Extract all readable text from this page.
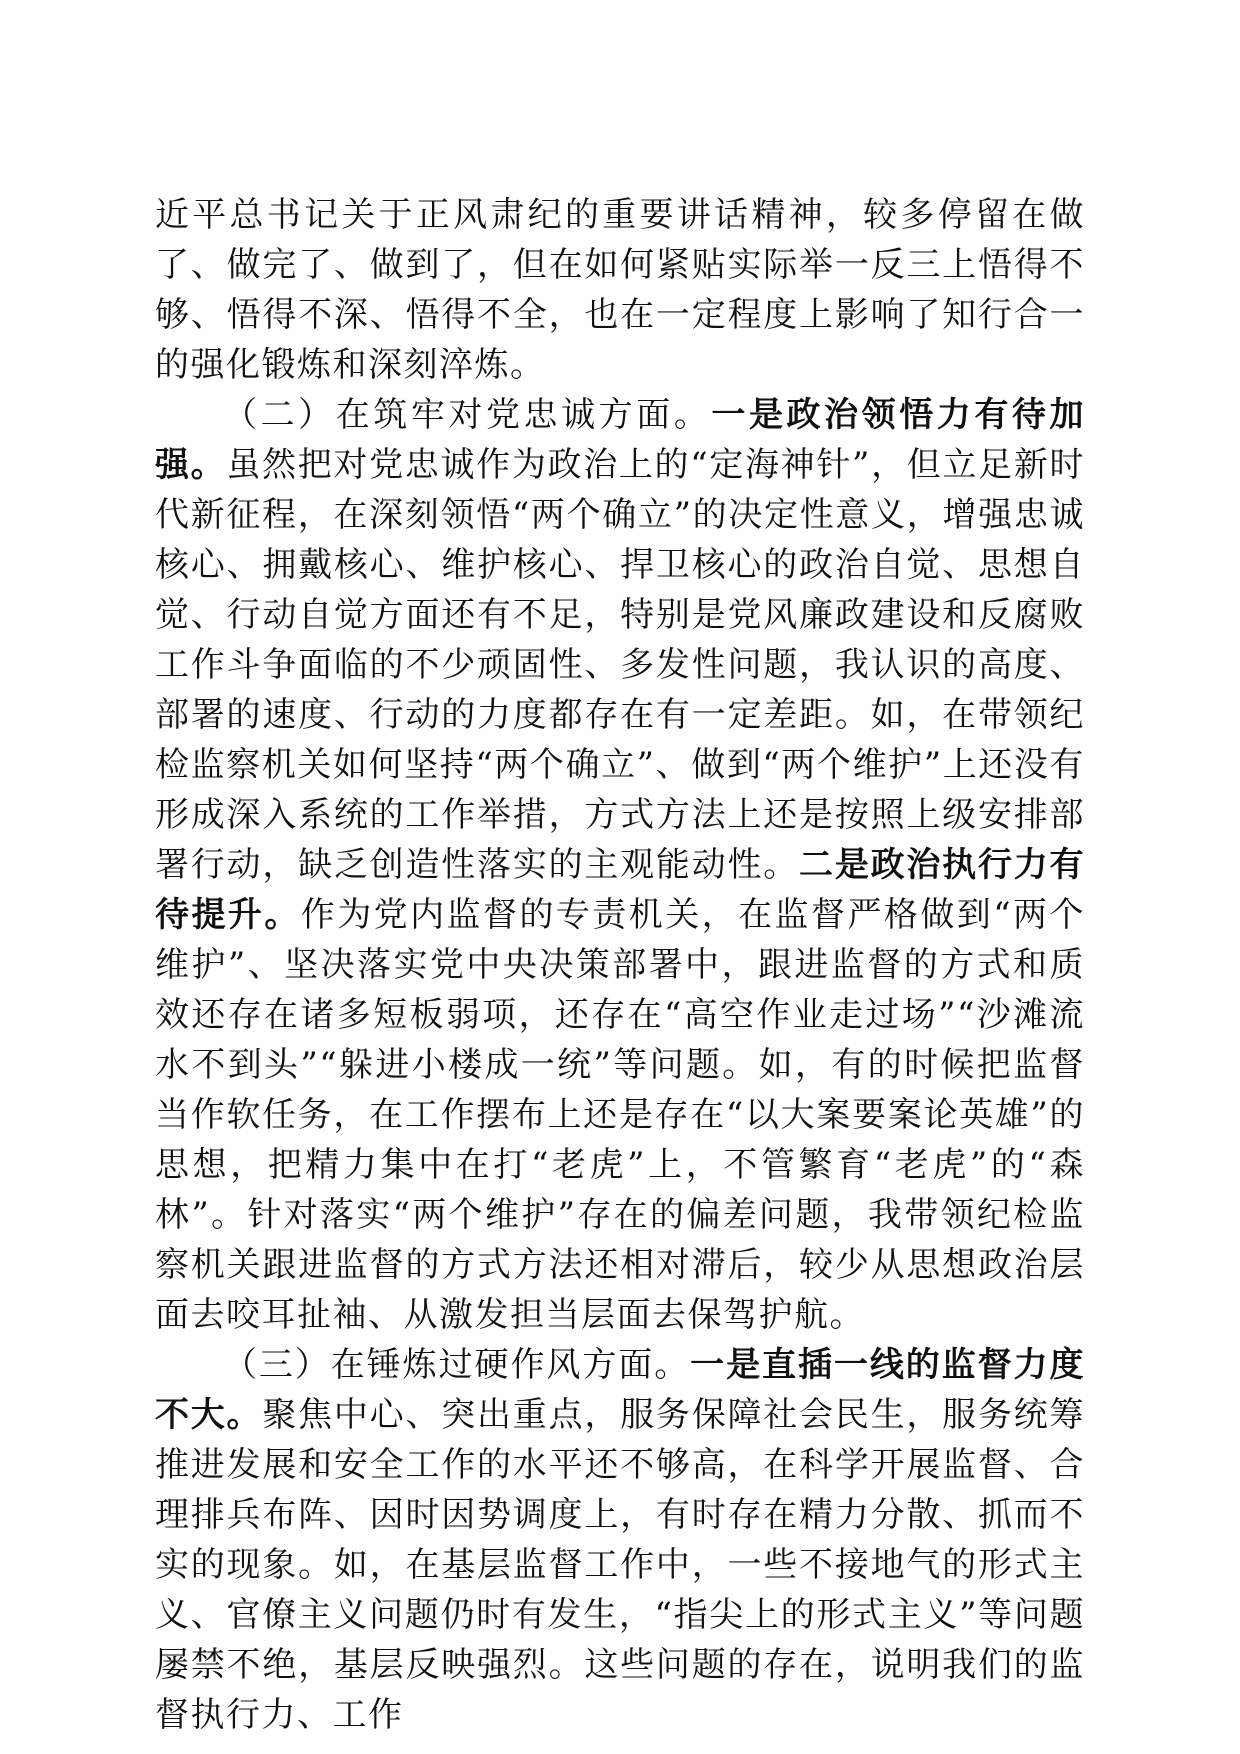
近平总书记关于正风肃纪的重要讲话精神，较多停留在做了、做完了、做到了，但在如何紧贴实际举一反三上悟得不够、悟得不深、悟得不全，也在一定程度上影响了知行合一的强化锻炼和深刻淬炼。

（二）在筑牢对党忠诚方面。一是政治领悟力有待加强。虽然把对党忠诚作为政治上的“定海神针”，但立足新时代新征程，在深刻领悟“两个确立”的决定性意义，增强忠诚核心、拥戴核心、维护核心、捍卫核心的政治自觉、思想自觉、行动自觉方面还有不足，特别是党风廉政建设和反腐败工作斗争面临的不少顽固性、多发性问题，我认识的高度、部署的速度、行动的力度都存在有一定差距。如，在带领纪检监察机关如何坚持“两个确立”、做到“两个维护”上还没有形成深入系统的工作举措，方式方法上还是按照上级安排部署行动，缺乏创造性落实的主观能动性。二是政治执行力有待提升。作为党内监督的专责机关，在监督严格做到“两个维护”、坚决落实党中央决策部署中，跟进监督的方式和质效还存在诸多短板弱项，还存在“高空作业走过场”“沙滩流水不到头”“躲进小楼成一统”等问题。如，有的时候把监督当作软任务，在工作摆布上还是存在“以大案要案论英雄”的思想，把精力集中在打“老虎”上，不管繁育“老虎”的“森林”。针对落实“两个维护”存在的偏差问题，我带领纪检监察机关跟进监督的方式方法还相对滞后，较少从思想政治层面去咬耳扯袖、从激发担当层面去保驾护航。

（三）在锤炼过硬作风方面。一是直插一线的监督力度不大。聚焦中心、突出重点，服务保障社会民生，服务统筹推进发展和安全工作的水平还不够高，在科学开展监督、合理排兵布阵、因时因势调度上，有时存在精力分散、抓而不实的现象。如，在基层监督工作中，一些不接地气的形式主义、官僚主义问题仍时有发生，“指尖上的形式主义”等问题屡禁不绝，基层反映强烈。这些问题的存在，说明我们的监督执行力、工作
